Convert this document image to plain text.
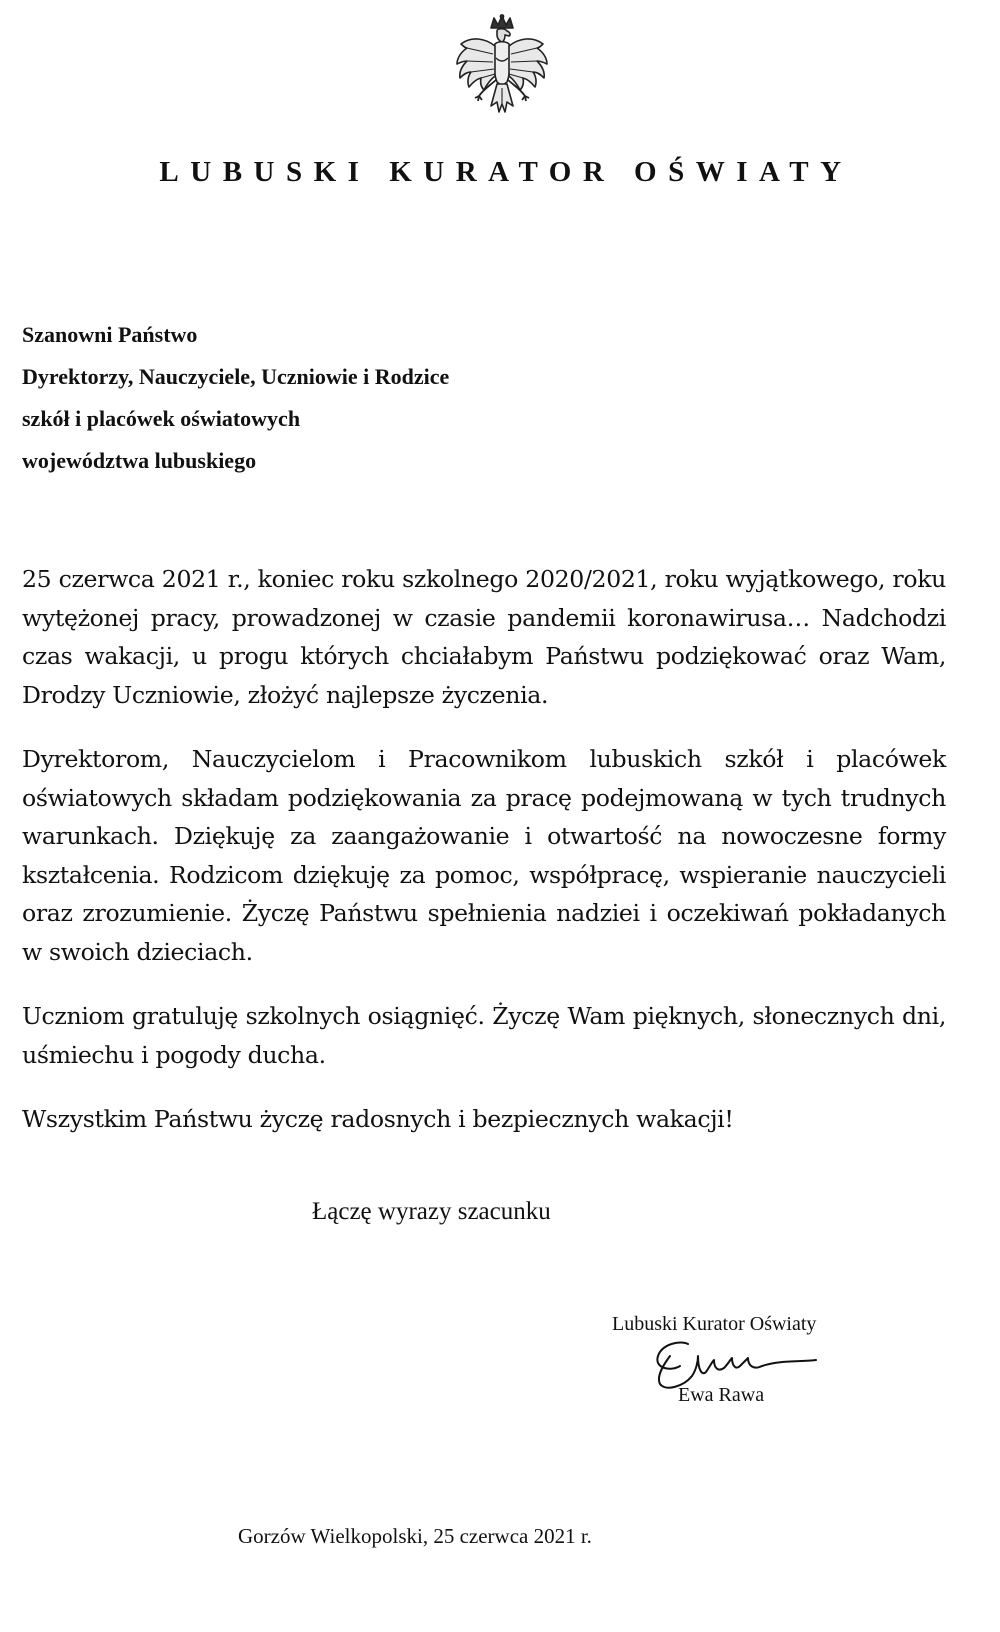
LUBUSKI KURATOR OŚWIATY
Szanowni Państwo
Dyrektorzy, Nauczyciele, Uczniowie i Rodzice
szkół i placówek oświatowych
województwa lubuskiego

25 czerwca 2021 r., koniec roku szkolnego 2020/2021, roku wyjątkowego, roku wytężonej pracy, prowadzonej w czasie pandemii koronawirusa… Nadchodzi czas wakacji, u progu których chciałabym Państwu podziękować oraz Wam, Drodzy Uczniowie, złożyć najlepsze życzenia.

Dyrektorom, Nauczycielom i Pracownikom lubuskich szkół i placówek oświatowych składam podziękowania za pracę podejmowaną w tych trudnych warunkach. Dziękuję za zaangażowanie i otwartość na nowoczesne formy kształcenia. Rodzicom dziękuję za pomoc, współpracę, wspieranie nauczycieli oraz zrozumienie. Życzę Państwu spełnienia nadziei i oczekiwań pokładanych w swoich dzieciach.

Uczniom gratuluję szkolnych osiągnięć. Życzę Wam pięknych, słonecznych dni, uśmiechu i pogody ducha.

Wszystkim Państwu życzę radosnych i bezpiecznych wakacji!

Łączę wyrazy szacunku
Lubuski Kurator Oświaty
Ewa Rawa
Gorzów Wielkopolski, 25 czerwca 2021 r.
